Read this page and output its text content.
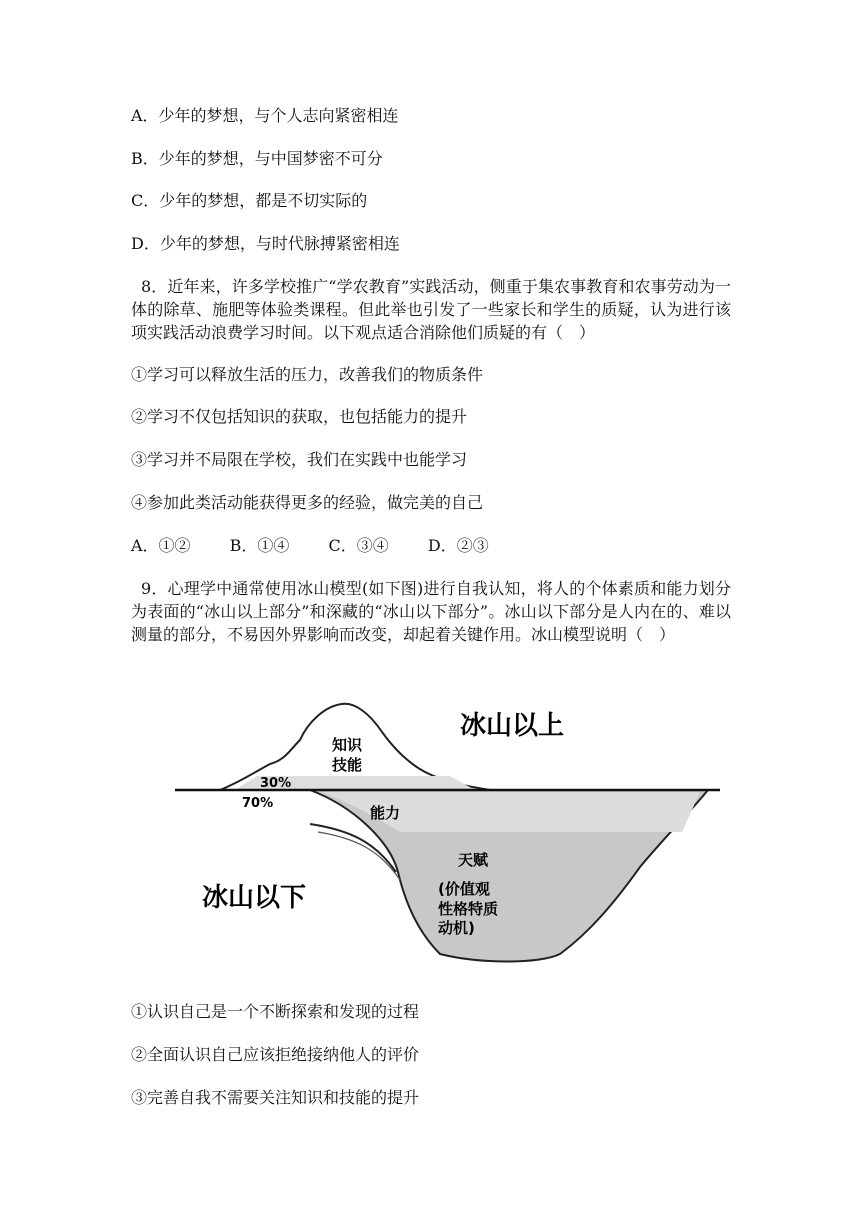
A．少年的梦想，与个人志向紧密相连
B．少年的梦想，与中国梦密不可分
C．少年的梦想，都是不切实际的
D．少年的梦想，与时代脉搏紧密相连
8．近年来，许多学校推广“学农教育”实践活动，侧重于集农事教育和农事劳动为一体的除草、施肥等体验类课程。但此举也引发了一些家长和学生的质疑，认为进行该项实践活动浪费学习时间。以下观点适合消除他们质疑的有（　）
①学习可以释放生活的压力，改善我们的物质条件
②学习不仅包括知识的获取，也包括能力的提升
③学习并不局限在学校，我们在实践中也能学习
④参加此类活动能获得更多的经验，做完美的自己
A．①② B．①④ C．③④ D．②③
9．心理学中通常使用冰山模型(如下图)进行自我认知，将人的个体素质和能力划分为表面的“冰山以上部分”和深藏的“冰山以下部分”。冰山以下部分是人内在的、难以测量的部分，不易因外界影响而改变，却起着关键作用。冰山模型说明（　）
冰山以上
知识
技能
30%
70%
能力
天赋
(价值观
性格特质
动机)
冰山以下
①认识自己是一个不断探索和发现的过程
②全面认识自己应该拒绝接纳他人的评价
③完善自我不需要关注知识和技能的提升
